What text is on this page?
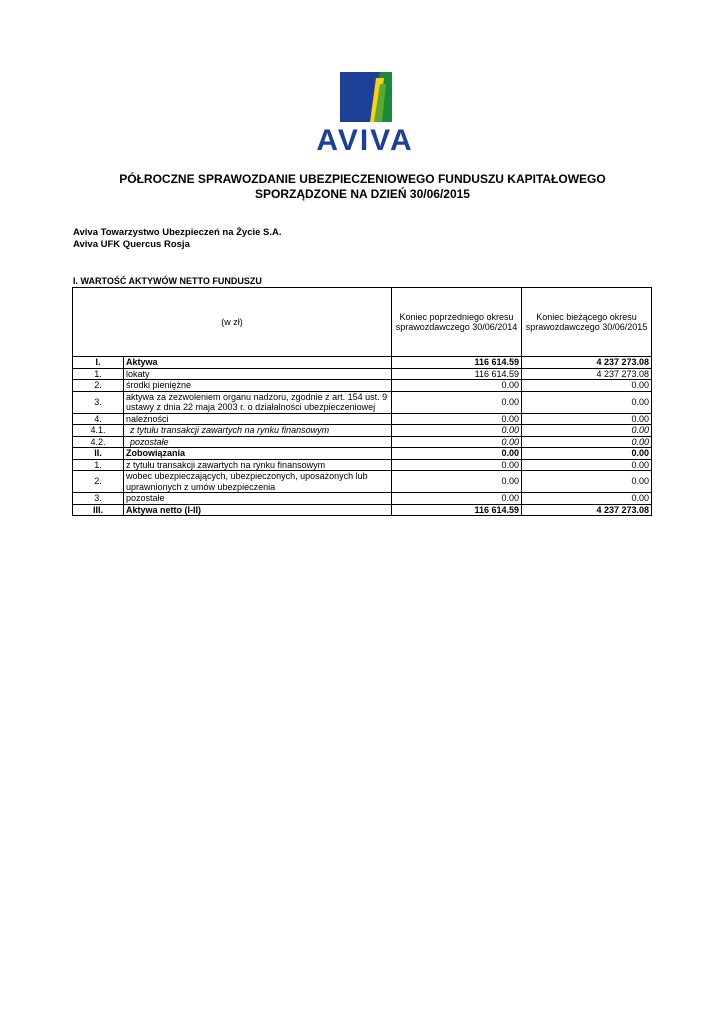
AVIVA
PÓŁROCZNE SPRAWOZDANIE UBEZPIECZENIOWEGO FUNDUSZU KAPITAŁOWEGO
SPORZĄDZONE NA DZIEŃ 30/06/2015
Aviva Towarzystwo Ubezpieczeń na Życie S.A.
Aviva UFK Quercus Rosja
I. WARTOŚĆ AKTYWÓW NETTO FUNDUSZU
(w zł)		Koniec poprzedniego okresu sprawozdawczego 30/06/2014	Koniec bieżącego okresu sprawozdawczego 30/06/2015
I.	Aktywa	116 614.59	4 237 273.08
1.	lokaty	116 614.59	4 237 273.08
2.	środki pieniężne	0.00	0.00
3.	aktywa za zezwoleniem organu nadzoru, zgodnie z art. 154 ust. 9 ustawy z dnia 22 maja 2003 r. o działalności ubezpieczeniowej	0.00	0.00
4.	należności	0.00	0.00
4.1.	z tytułu transakcji zawartych na rynku finansowym	0.00	0.00
4.2.	pozostałe	0.00	0.00
II.	Zobowiązania	0.00	0.00
1.	z tytułu transakcji zawartych na rynku finansowym	0.00	0.00
2.	wobec ubezpieczających, ubezpieczonych, uposażonych lub uprawnionych z umów ubezpieczenia	0.00	0.00
3.	pozostałe	0.00	0.00
III.	Aktywa netto (I-II)	116 614.59	4 237 273.08
